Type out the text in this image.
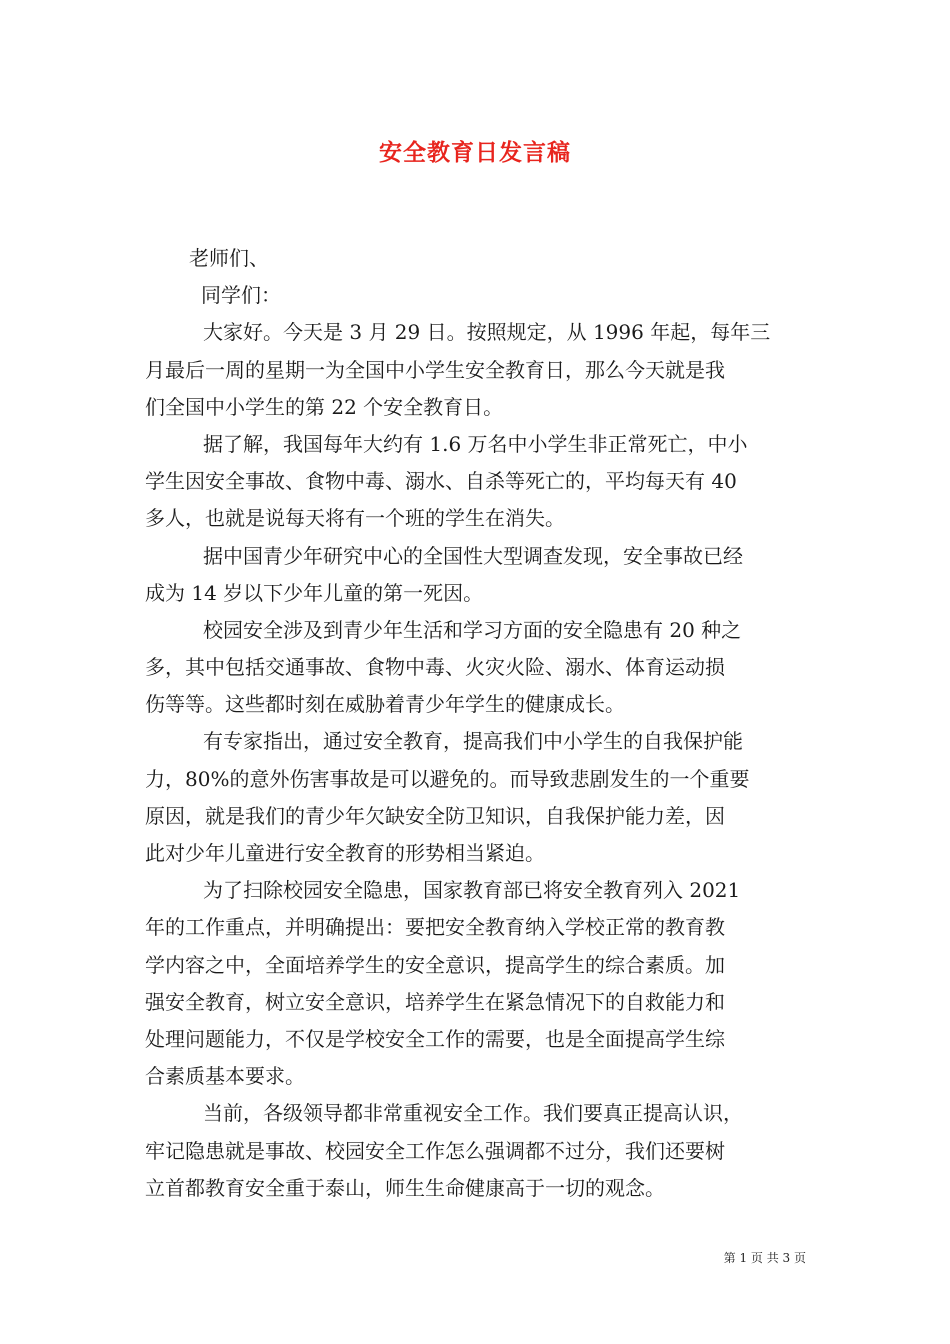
安全教育日发言稿
老师们、
同学们：
大家好。今天是 3 月 29 日。按照规定，从 1996 年起，每年三
月最后一周的星期一为全国中小学生安全教育日，那么今天就是我
们全国中小学生的第 22 个安全教育日。
据了解，我国每年大约有 1.6 万名中小学生非正常死亡，中小
学生因安全事故、食物中毒、溺水、自杀等死亡的，平均每天有 40
多人，也就是说每天将有一个班的学生在消失。
据中国青少年研究中心的全国性大型调查发现，安全事故已经
成为 14 岁以下少年儿童的第一死因。
校园安全涉及到青少年生活和学习方面的安全隐患有 20 种之
多，其中包括交通事故、食物中毒、火灾火险、溺水、体育运动损
伤等等。这些都时刻在威胁着青少年学生的健康成长。
有专家指出，通过安全教育，提高我们中小学生的自我保护能
力，80%的意外伤害事故是可以避免的。而导致悲剧发生的一个重要
原因，就是我们的青少年欠缺安全防卫知识，自我保护能力差，因
此对少年儿童进行安全教育的形势相当紧迫。
为了扫除校园安全隐患，国家教育部已将安全教育列入 2021
年的工作重点，并明确提出：要把安全教育纳入学校正常的教育教
学内容之中，全面培养学生的安全意识，提高学生的综合素质。加
强安全教育，树立安全意识，培养学生在紧急情况下的自救能力和
处理问题能力，不仅是学校安全工作的需要，也是全面提高学生综
合素质基本要求。
当前，各级领导都非常重视安全工作。我们要真正提高认识，
牢记隐患就是事故、校园安全工作怎么强调都不过分，我们还要树
立首都教育安全重于泰山，师生生命健康高于一切的观念。
第 1 页 共 3 页
